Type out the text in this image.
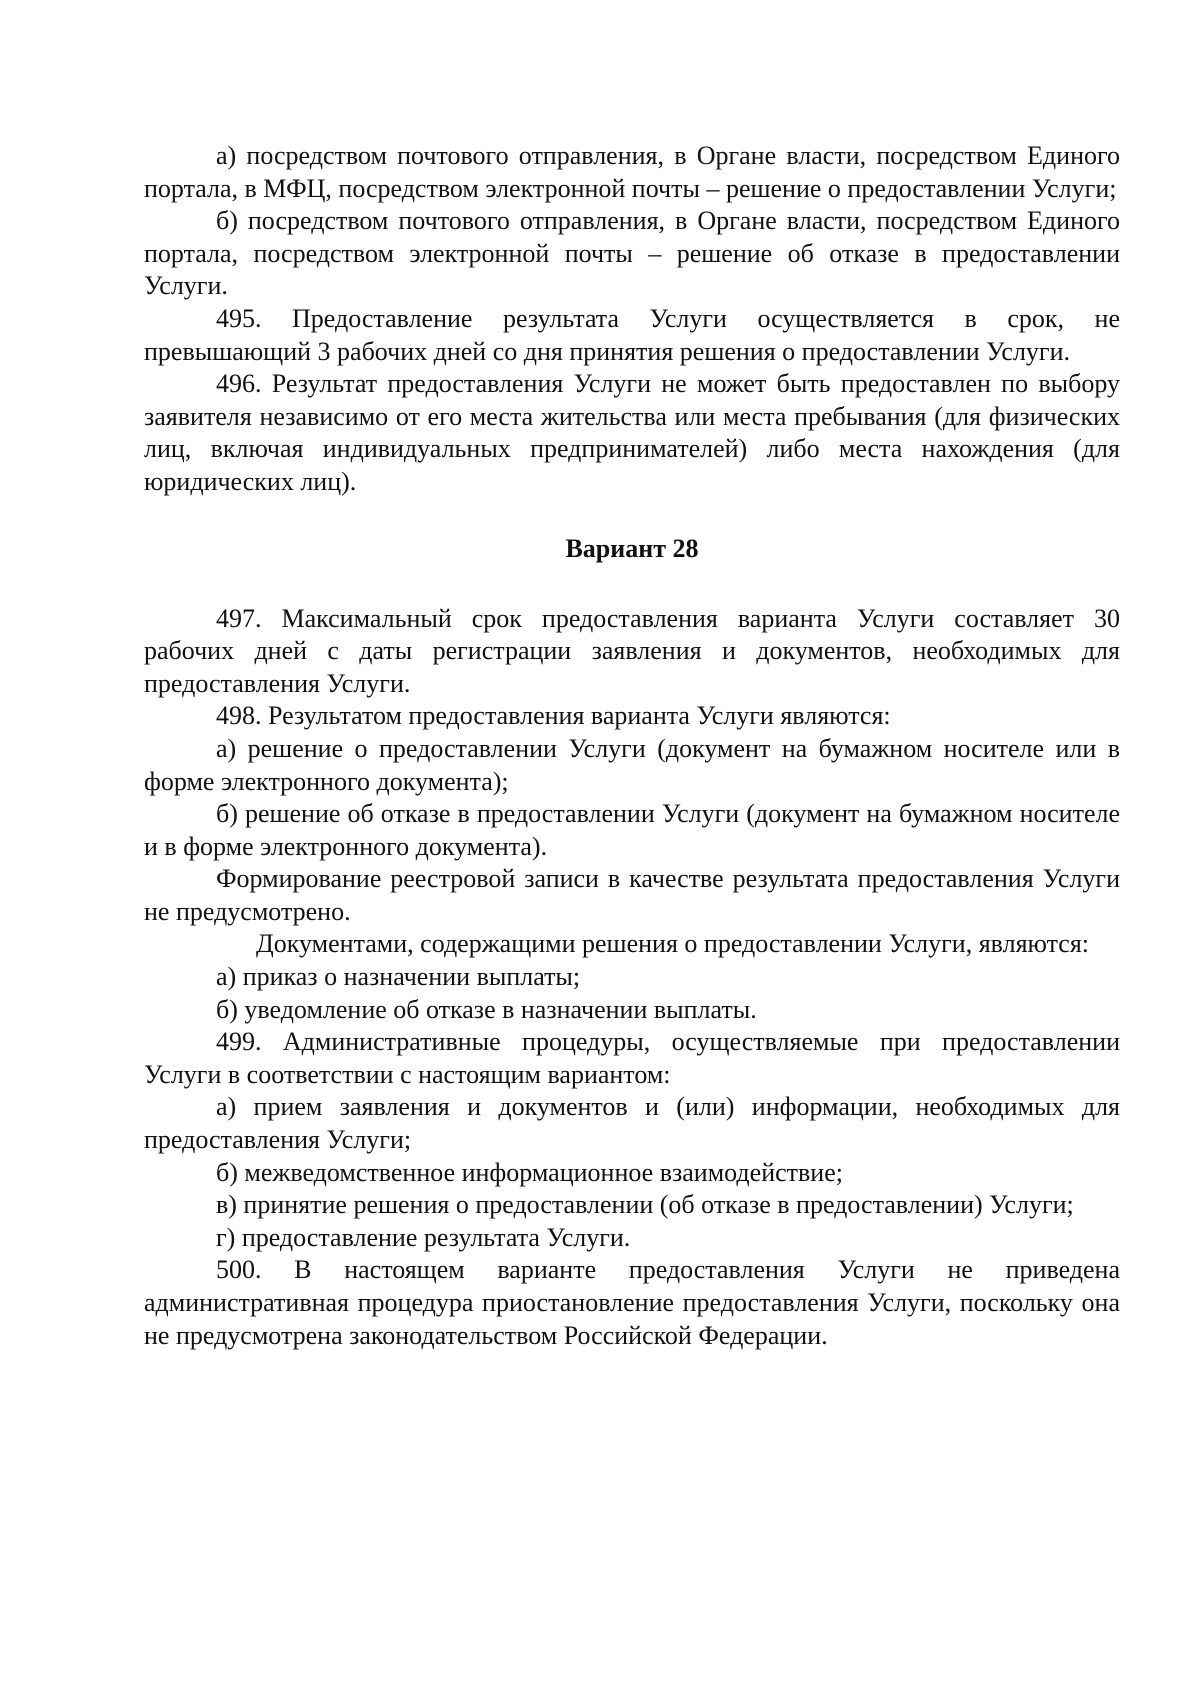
а) посредством почтового отправления, в Органе власти, посредством Единого портала, в МФЦ, посредством электронной почты – решение о предоставлении Услуги;

б) посредством почтового отправления, в Органе власти, посредством Единого портала, посредством электронной почты – решение об отказе в предоставлении Услуги.

495. Предоставление результата Услуги осуществляется в срок, не превышающий 3 рабочих дней со дня принятия решения о предоставлении Услуги.

496. Результат предоставления Услуги не может быть предоставлен по выбору заявителя независимо от его места жительства или места пребывания (для физических лиц, включая индивидуальных предпринимателей) либо места нахождения (для юридических лиц).

Вариант 28

497. Максимальный срок предоставления варианта Услуги составляет 30 рабочих дней с даты регистрации заявления и документов, необходимых для предоставления Услуги.

498. Результатом предоставления варианта Услуги являются:

а) решение о предоставлении Услуги (документ на бумажном носителе или в форме электронного документа);

б) решение об отказе в предоставлении Услуги (документ на бумажном носителе и в форме электронного документа).

Формирование реестровой записи в качестве результата предоставления Услуги не предусмотрено.

Документами, содержащими решения о предоставлении Услуги, являются:

а) приказ о назначении выплаты;

б) уведомление об отказе в назначении выплаты.

499. Административные процедуры, осуществляемые при предоставлении Услуги в соответствии с настоящим вариантом:

а) прием заявления и документов и (или) информации, необходимых для предоставления Услуги;

б) межведомственное информационное взаимодействие;

в) принятие решения о предоставлении (об отказе в предоставлении) Услуги;

г) предоставление результата Услуги.

500. В настоящем варианте предоставления Услуги не приведена административная процедура приостановление предоставления Услуги, поскольку она не предусмотрена законодательством Российской Федерации.
